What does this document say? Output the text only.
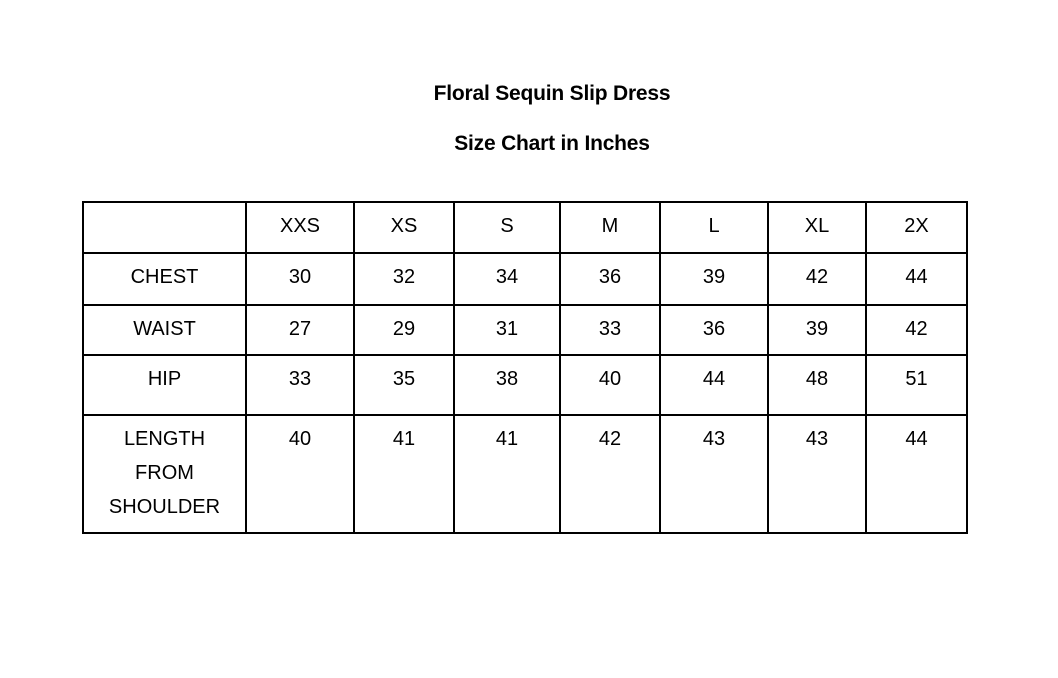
Floral Sequin Slip Dress
Size Chart in Inches
	XXS	XS	S	M	L	XL	2X
CHEST	30	32	34	36	39	42	44
WAIST	27	29	31	33	36	39	42
HIP	33	35	38	40	44	48	51

LENGTH
FROM
SHOULDER	40	41	41	42	43	43	44
